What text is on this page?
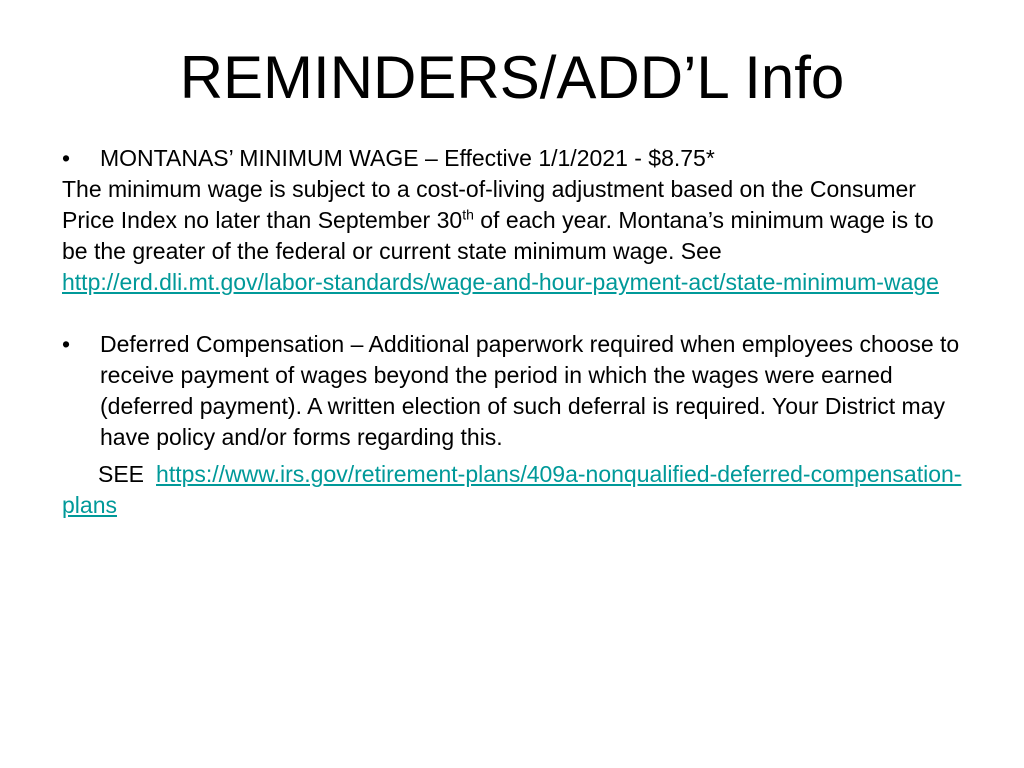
REMINDERS/ADD’L Info
• MONTANAS’ MINIMUM WAGE – Effective 1/1/2021 - $8.75*

The minimum wage is subject to a cost-of-living adjustment based on the Consumer Price Index no later than September 30th of each year. Montana’s minimum wage is to be the greater of the federal or current state minimum wage. See http://erd.dli.mt.gov/labor-standards/wage-and-hour-payment-act/state-minimum-wage

• Deferred Compensation – Additional paperwork required when employees choose to receive payment of wages beyond the period in which the wages were earned (deferred payment). A written election of such deferral is required. Your District may have policy and/or forms regarding this.

SEE https://www.irs.gov/retirement-plans/409a-nonqualified-deferred-compensation-plans
